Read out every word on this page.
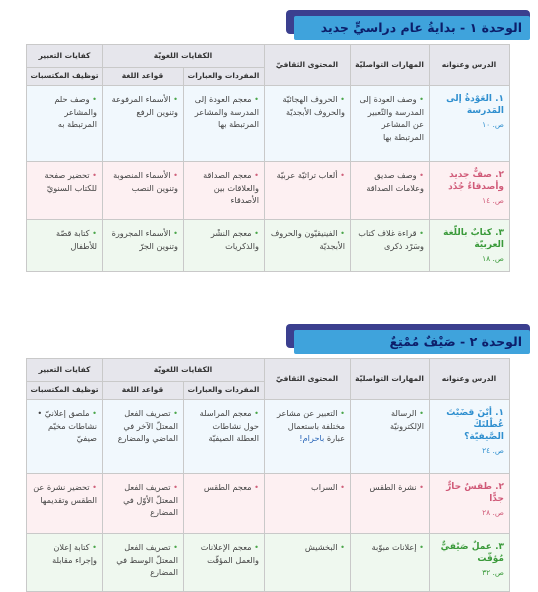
الوحدة ١ - بدايةُ عام دراسيٍّ جديد
الدرس وعنوانه
المهارات التواصليّة
المحتوى الثقافيّ
الكفايات اللغويّة
كفايات التعبير
المفردات والعبارات
قواعد اللغة
توظيف المكتسبات
١. العَوْدةُ إلى المَدرسة
ص. ١٠
• وصف العودة إلى المدرسة والتّعبير عن المشاعر المرتبطة بها
• الحروف الهجائيّة والحروف الأبجديّة
• معجم العودة إلى المدرسة والمشاعر المرتبطة بها
• الأسماء المرفوعة وتنوين الرفع
• وصف حلم والمشاعر المرتبطة به
٢. صفٌّ جديد وأصدقاءُ جُدُد
ص. ١٤
• وصف صديق وعلامات الصداقة
• ألعاب تراثيّة عربيّة
• معجم الصداقة والعلاقات بين الأصدقاء
• الأسماء المنصوبة وتنوين النصب
• تحضير صفحة للكتاب السنويّ
٣. كتابٌ باللّغة العربيّة
ص. ١٨
• قراءة غلاف كتاب وسَرْد ذكرى
• الفينيقيّون والحروف الأبجديّة
• معجم النشْر والذكريات
• الأسماء المجرورة وتنوين الجرّ
• كتابة قصّة للأطفال
الوحدة ٢ - صَيْفٌ مُمْتِعٌ
الدرس وعنوانه
المهارات التواصليّة
المحتوى الثقافيّ
الكفايات اللغويّة
كفايات التعبير
المفردات والعبارات
قواعد اللغة
توظيف المكتسبات
١. أيْنَ قضَيْتَ عُطْلتَكَ الصَّيفيّة؟
ص. ٢٤
• الرسالة الإلكترونيّة
• التعبير عن مشاعر مختلفة باستعمال عبارة باحرام!
• معجم المراسلة حول نشاطات العطلة الصيفيّة
• تصريف الفعل المعتلّ الآخر في الماضي والمضارع
• ملصق إعلانيّ • نشاطات مخيّم صيفيّ
٢. طقسٌ حارٌّ جدًّا
ص. ٢٨
• نشرة الطقس
• السراب
• معجم الطقس
• تصريف الفعل المعتلّ الأوّل في المضارع
• تحضير نشرة عن الطقس وتقديمها
٣. عملٌ صَيْفيٌّ مُؤقّت
ص. ٣٢
• إعلانات مبوّبة
• البخشيش
• معجم الإعلانات والعمل المؤقّت
• تصريف الفعل المعتلّ الوسط في المضارع
• كتابة إعلان وإجراء مقابلة
